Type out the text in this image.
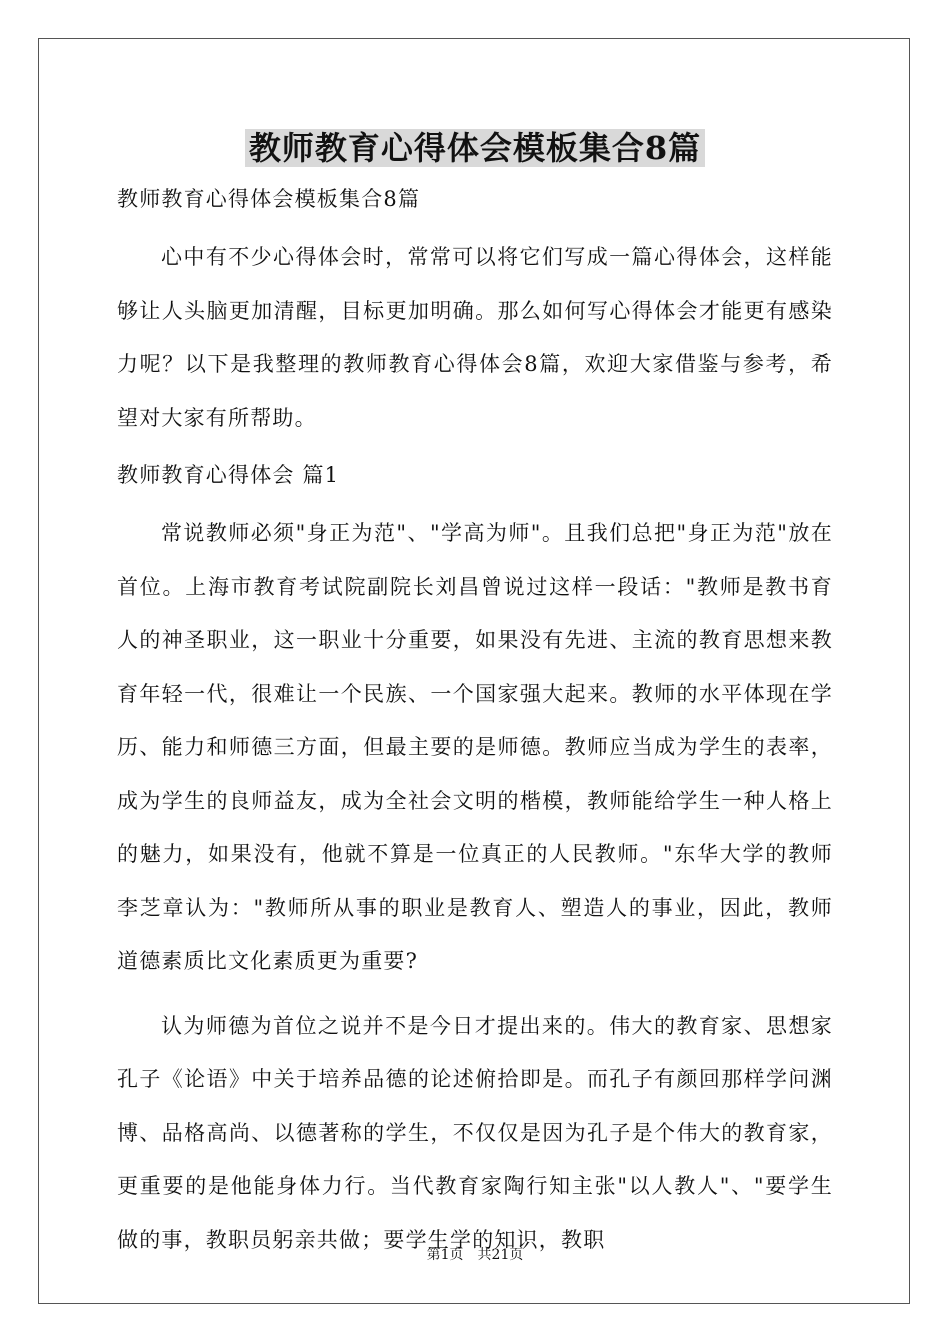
教师教育心得体会模板集合8篇

教师教育心得体会模板集合8篇

心中有不少心得体会时，常常可以将它们写成一篇心得体会，这样能够让人头脑更加清醒，目标更加明确。那么如何写心得体会才能更有感染力呢？以下是我整理的教师教育心得体会8篇，欢迎大家借鉴与参考，希望对大家有所帮助。

教师教育心得体会 篇1

常说教师必须"身正为范"、"学高为师"。且我们总把"身正为范"放在首位。上海市教育考试院副院长刘昌曾说过这样一段话："教师是教书育人的神圣职业，这一职业十分重要，如果没有先进、主流的教育思想来教育年轻一代，很难让一个民族、一个国家强大起来。教师的水平体现在学历、能力和师德三方面，但最主要的是师德。教师应当成为学生的表率，成为学生的良师益友，成为全社会文明的楷模，教师能给学生一种人格上的魅力，如果没有，他就不算是一位真正的人民教师。"东华大学的教师李芝章认为："教师所从事的职业是教育人、塑造人的事业，因此，教师道德素质比文化素质更为重要?

认为师德为首位之说并不是今日才提出来的。伟大的教育家、思想家孔子《论语》中关于培养品德的论述俯拾即是。而孔子有颜回那样学问渊博、品格高尚、以德著称的学生，不仅仅是因为孔子是个伟大的教育家，更重要的是他能身体力行。当代教育家陶行知主张"以人教人"、"要学生做的事，教职员躬亲共做；要学生学的知识，教职

第1页 共21页
